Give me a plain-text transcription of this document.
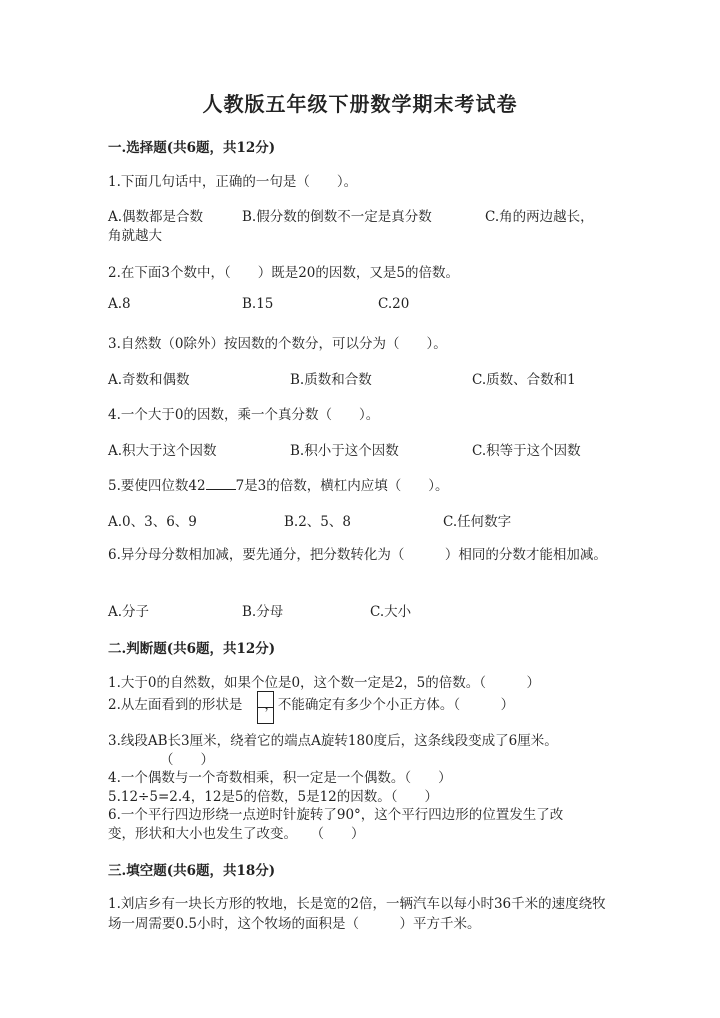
人教版五年级下册数学期末考试卷
一.选择题(共6题，共12分)
1.下面几句话中，正确的一句是（　　）。
A.偶数都是合数	B.假分数的倒数不一定是真分数	C.角的两边越长，
角就越大
2.在下面3个数中，（　　）既是20的因数，又是5的倍数。
A.8	B.15	C.20
3.自然数（0除外）按因数的个数分，可以分为（　　）。
A.奇数和偶数	B.质数和合数	C.质数、合数和1
4.一个大于0的因数，乘一个真分数（　　）。
A.积大于这个因数	B.积小于这个因数	C.积等于这个因数
5.要使四位数42 7是3的倍数，横杠内应填（　　）。
A.0、3、6、9	B.2、5、8	C.任何数字
6.异分母分数相加减，要先通分，把分数转化为（　　　）相同的分数才能相加减。
A.分子	B.分母	C.大小
二.判断题(共6题，共12分)
1.大于0的自然数，如果个位是0，这个数一定是2，5的倍数。（　　　）
2.从左面看到的形状是 ，不能确定有多少个小正方体。（　　　）
3.线段AB长3厘米，绕着它的端点A旋转180度后，这条线段变成了6厘米。
（　　）
4.一个偶数与一个奇数相乘，积一定是一个偶数。（　　）
5.12÷5=2.4，12是5的倍数，5是12的因数。（　　）
6.一个平行四边形绕一点逆时针旋转了90°，这个平行四边形的位置发生了改
变，形状和大小也发生了改变。　　（　　）
三.填空题(共6题，共18分)
1.刘店乡有一块长方形的牧地，长是宽的2倍，一辆汽车以每小时36千米的速度绕牧场一周需要0.5小时，这个牧场的面积是（　　　）平方千米。
